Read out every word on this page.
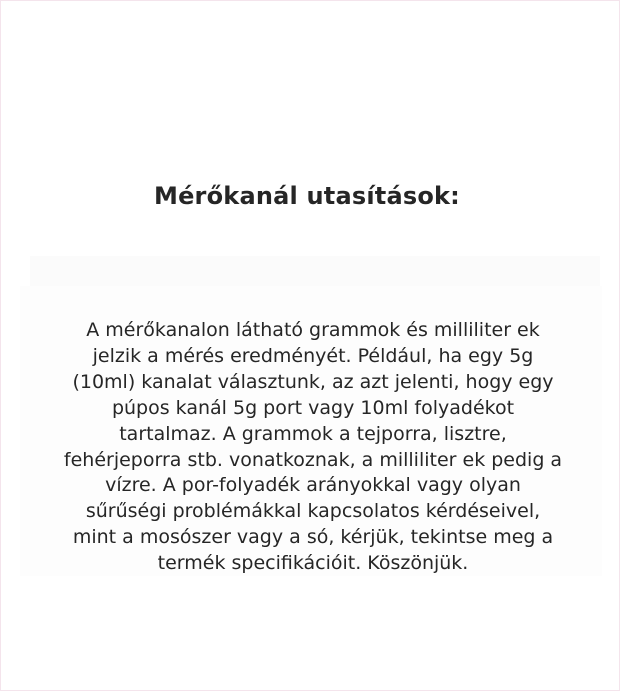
Mérőkanál utasítások:

A mérőkanalon látható grammok és milliliter ek

jelzik a mérés eredményét. Például, ha egy 5g

(10ml) kanalat választunk, az azt jelenti, hogy egy

púpos kanál 5g port vagy 10ml folyadékot

tartalmaz. A grammok a tejporra, lisztre,

fehérjeporra stb. vonatkoznak, a milliliter ek pedig a

vízre. A por-folyadék arányokkal vagy olyan

sűrűségi problémákkal kapcsolatos kérdéseivel,

mint a mosószer vagy a só, kérjük, tekintse meg a

termék specifikációit. Köszönjük.
